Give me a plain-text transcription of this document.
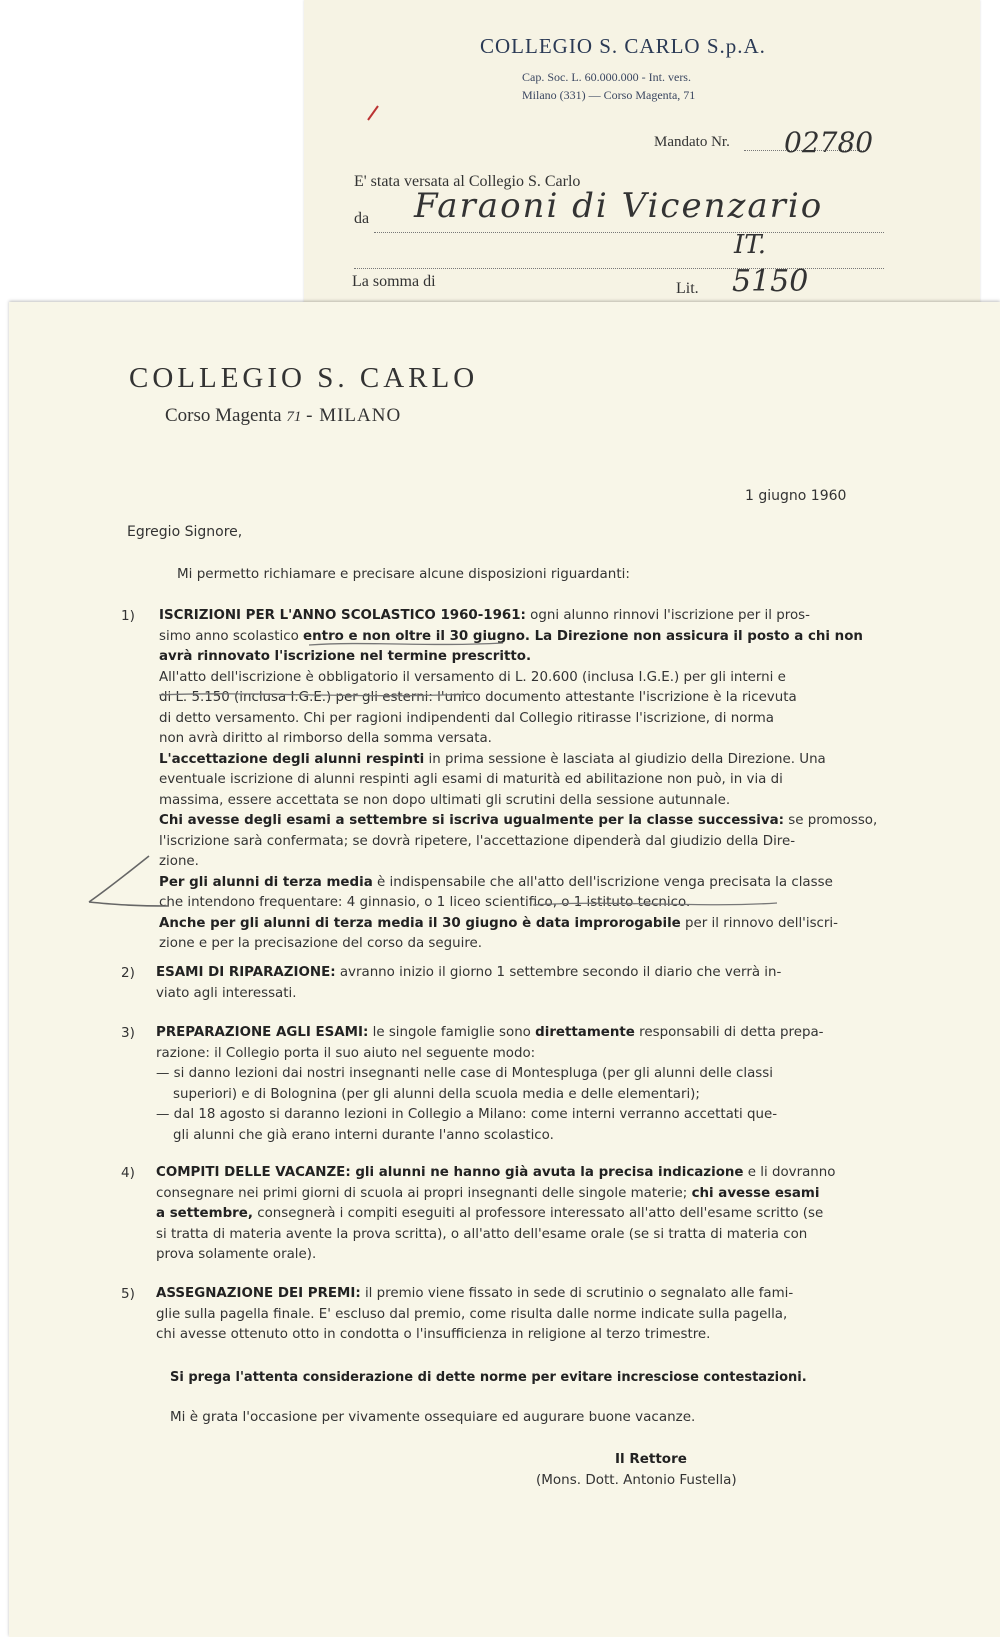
COLLEGIO S. CARLO S.p.A.
Cap. Soc. L. 60.000.000 - Int. vers.
Milano (331) — Corso Magenta, 71
Mandato Nr. 02780
E' stata versata al Collegio S. Carlo
da Faraoni di Vicenzario
IT.
La somma di	Lit. 5150
COLLEGIO S. CARLO
Corso Magenta 71 - MILANO
1 giugno 1960
Egregio Signore,
Mi permetto richiamare e precisare alcune disposizioni riguardanti:
1) ISCRIZIONI PER L'ANNO SCOLASTICO 1960-1961: ogni alunno rinnovi l'iscrizione per il pros-
simo anno scolastico entro e non oltre il 30 giugno. La Direzione non assicura il posto a chi non
avrà rinnovato l'iscrizione nel termine prescritto.
All'atto dell'iscrizione è obbligatorio il versamento di L. 20.600 (inclusa I.G.E.) per gli interni e
di L. 5.150 (inclusa I.G.E.) per gli esterni: l'unico documento attestante l'iscrizione è la ricevuta
di detto versamento. Chi per ragioni indipendenti dal Collegio ritirasse l'iscrizione, di norma
non avrà diritto al rimborso della somma versata.
L'accettazione degli alunni respinti in prima sessione è lasciata al giudizio della Direzione. Una
eventuale iscrizione di alunni respinti agli esami di maturità ed abilitazione non può, in via di
massima, essere accettata se non dopo ultimati gli scrutini della sessione autunnale.
Chi avesse degli esami a settembre si iscriva ugualmente per la classe successiva: se promosso,
l'iscrizione sarà confermata; se dovrà ripetere, l'accettazione dipenderà dal giudizio della Dire-
zione.
Per gli alunni di terza media è indispensabile che all'atto dell'iscrizione venga precisata la classe
che intendono frequentare: 4 ginnasio, o 1 liceo scientifico, o 1 istituto tecnico.
Anche per gli alunni di terza media il 30 giugno è data improrogabile per il rinnovo dell'iscri-
zione e per la precisazione del corso da seguire.
2) ESAMI DI RIPARAZIONE: avranno inizio il giorno 1 settembre secondo il diario che verrà in-
viato agli interessati.
3) PREPARAZIONE AGLI ESAMI: le singole famiglie sono direttamente responsabili di detta prepa-
razione: il Collegio porta il suo aiuto nel seguente modo:
— si danno lezioni dai nostri insegnanti nelle case di Montespluga (per gli alunni delle classi
superiori) e di Bolognina (per gli alunni della scuola media e delle elementari);
— dal 18 agosto si daranno lezioni in Collegio a Milano: come interni verranno accettati que-
gli alunni che già erano interni durante l'anno scolastico.
4) COMPITI DELLE VACANZE: gli alunni ne hanno già avuta la precisa indicazione e li dovranno
consegnare nei primi giorni di scuola ai propri insegnanti delle singole materie; chi avesse esami
a settembre, consegnerà i compiti eseguiti al professore interessato all'atto dell'esame scritto (se
si tratta di materia avente la prova scritta), o all'atto dell'esame orale (se si tratta di materia con
prova solamente orale).
5) ASSEGNAZIONE DEI PREMI: il premio viene fissato in sede di scrutinio o segnalato alle fami-
glie sulla pagella finale. E' escluso dal premio, come risulta dalle norme indicate sulla pagella,
chi avesse ottenuto otto in condotta o l'insufficienza in religione al terzo trimestre.
Si prega l'attenta considerazione di dette norme per evitare incresciose contestazioni.
Mi è grata l'occasione per vivamente ossequiare ed augurare buone vacanze.
Il Rettore
(Mons. Dott. Antonio Fustella)
